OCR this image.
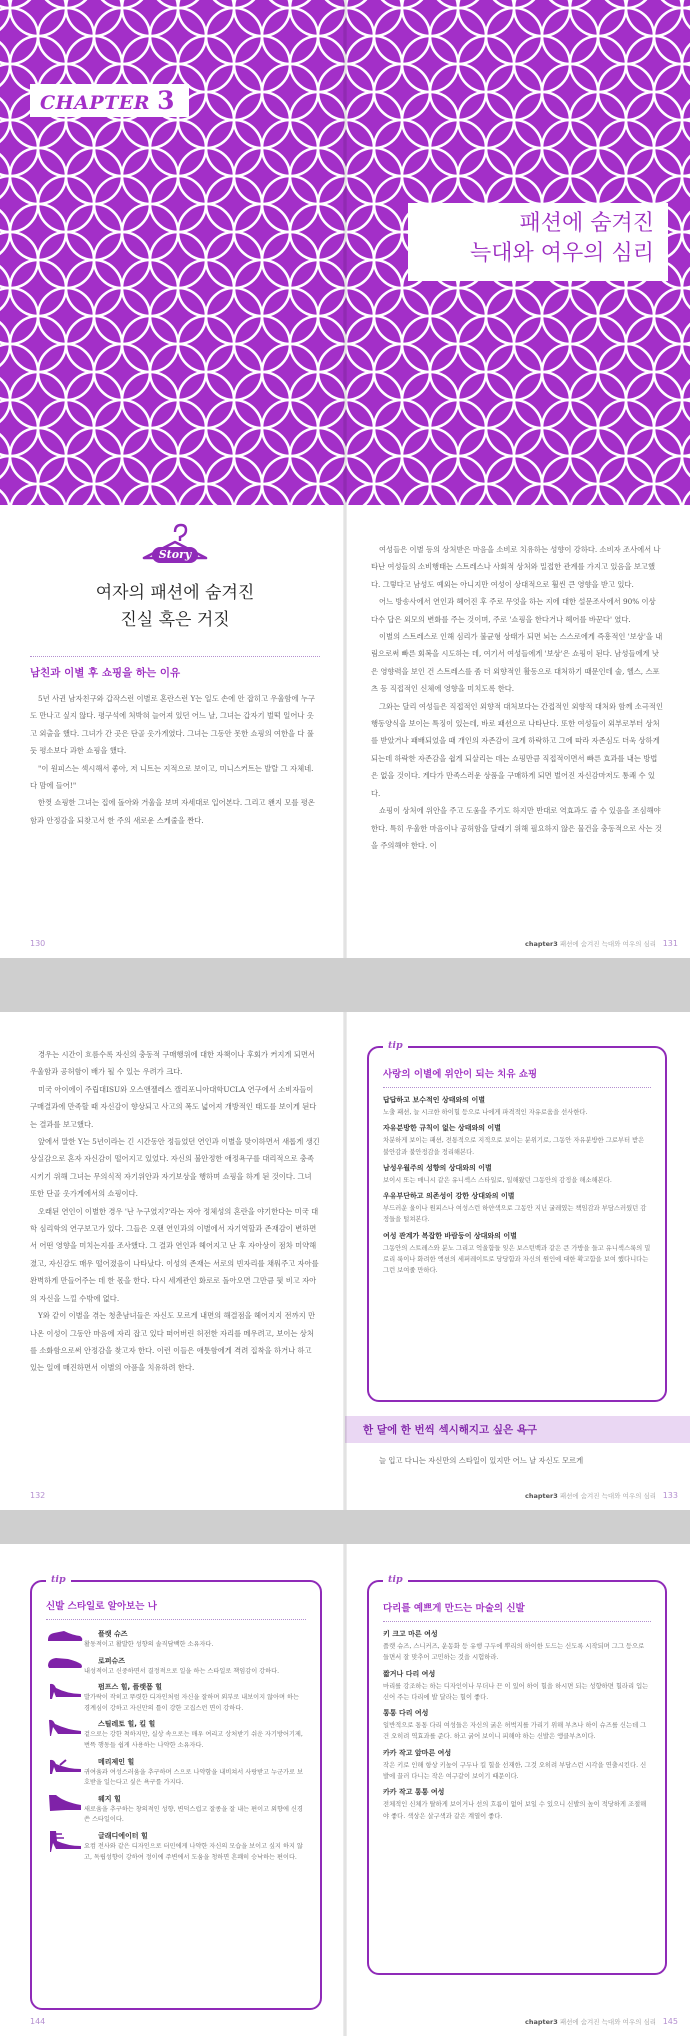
Story
여자의 패션에 숨겨진
진실 혹은 거짓
남친과 이별 후 쇼핑을 하는 이유

5년 사귄 남자친구와 갑작스런 이별로 혼란스런 Y는 일도 손에 안 잡히고 우울함에 누구도 만나고 싶지 않다. 평구석에 처박혀 늘어져 있던 어느 날, 그녀는 갑자기 벌떡 일어나 옷고 외출을 했다. 그녀가 간 곳은 단골 옷가게였다. 그녀는 그동안 못한 쇼핑의 여한을 다 풀 듯 평소보다 과한 쇼핑을 했다.

"이 원피스는 섹시해서 좋아, 저 니트는 지적으로 보이고, 미니스커트는 발랄 그 자체네. 다 맘에 들어!"

한껏 쇼핑한 그녀는 집에 돌아와 거울을 보며 자세대로 입어본다. 그리고 왠지 모를 평온함과 안정감을 되찾고서 한 주의 새로운 스케줄을 짠다.

130

여성들은 이별 등의 상처받은 마음을 소비로 치유하는 성향이 강하다. 소비자 조사에서 나타난 여성들의 소비행태는 스트레스나 사회적 상처와 밀접한 관계를 가지고 있음을 보고했다. 그렇다고 남성도 예외는 아니지만 여성이 상대적으로 훨씬 큰 영향을 받고 있다.

어느 방송사에서 연인과 헤어진 후 주로 무엇을 하는 지에 대한 설문조사에서 90% 이상 다수 답은 외모의 변화를 주는 것이며, 주로 '쇼핑을 한다거나 헤어를 바꾼다' 였다.

이별의 스트레스로 인해 심리가 불균형 상태가 되면 뇌는 스스로에게 즉흥적인 '보상'을 내림으로써 빠른 회복을 시도하는 데, 여기서 여성들에게 '보상'은 쇼핑이 된다. 남성들에게 낫은 영향력을 보인 건 스트레스를 좀 더 외향적인 활동으로 대처하기 때문인데 술, 헬스, 스포츠 등 직접적인 신체에 영향을 미치도록 한다.

그와는 달리 여성들은 직접적인 외향적 대처보다는 간접적인 외향적 대처와 함께 소극적인 행동양식을 보이는 특징이 있는데, 바로 패션으로 나타난다. 또한 여성들이 외부로부터 상처를 받았거나 패배되었을 때 개인의 자존감이 크게 하락하고 그에 따라 자존심도 더욱 상하게 되는데 하락한 자존감을 쉽게 되살리는 데는 쇼핑만큼 직접적이면서 빠른 효과를 내는 방법은 없을 것이다. 게다가 만족스러운 상품을 구매하게 되면 벌어진 자신감마저도 통쾌 수 있다.

쇼핑이 상처에 위안을 주고 도움을 주기도 하지만 반대로 역효과도 줄 수 있음을 조심해야 한다. 특히 우울한 마음이나 공허함을 달래기 위해 필요하지 않은 물건을 충동적으로 사는 것을 주의해야 한다. 이

chapter3 패션에 숨겨진 늑대와 여우의 심리 131
CHAPTER 3
패션에 숨겨진
늑대와 여우의 심리

경우는 시간이 흐름수록 자신의 충동적 구매행위에 대한 자책이나 후회가 커지게 되면서 우울함과 공허함이 배가 될 수 있는 우려가 크다.

미국 아이에이 주립대ISU와 오스앤젤레스 캘리포니아대학UCLA 연구에서 소비자들이 구매결과에 만족할 때 자신감이 향상되고 사고의 폭도 넓어져 개방적인 태도를 보이게 된다는 결과를 보고했다.

앞에서 말한 Y는 5년이라는 긴 시간동안 정들었던 연인과 이별을 맞이하면서 새롭게 생긴 상실감으로 혼자 자신감이 떨어지고 있었다. 자신의 불안정한 애정욕구를 대리적으로 충족시키기 위해 그녀는 무의식적 자기위안과 자기보상을 행하며 쇼핑을 하게 된 것이다. 그녀 또한 단골 옷가게에서의 쇼핑이다.

오래된 연인이 이별한 경우 '난 누구였지?'라는 자아 정체성의 혼란을 야기한다는 미국 대학 심리학의 연구보고가 있다. 그들은 오랜 연인과의 이별에서 자기역할과 존재감이 변하면서 어떤 영향을 미치는지를 조사했다. 그 결과 연인과 헤어지고 난 후 자아상이 점차 미약해졌고, 자신감도 매우 떨어졌음이 나타났다. 이성의 존재는 서로의 빈자리를 채워주고 자아를 완벽하게 만들어주는 데 한 몫을 한다. 다시 세계관인 화로로 돌아오면 그만큼 뒷 비고 자아의 자신을 느낄 수밖에 없다.

Y와 같이 이별을 겪는 청춘남녀들은 자신도 모르게 내면의 해결점을 헤어지지 전까지 만나온 이성이 그동안 마음에 자리 잡고 있다 떠어버린 허전한 자리를 메우려고, 보이는 상처를 소화함으로써 안정감을 찾고자 한다. 이런 이들은 애틋함에게 격려 집착을 하거나 하고 있는 일에 매진하면서 이별의 아픔을 치유하려 한다.

132
tip
사랑의 이별에 위안이 되는 치유 쇼핑
답답하고 보수적인 상태와의 이별

노출 패션, 늘 시크한 하이힐 등으로 나에게 파격적인 자유로움을 선사한다.

자유분방한 규칙이 없는 상태와의 이별

차분하게 보이는 패션, 전통적으로 지적으로 보이는 분위기로, 그동안 자유분방한 그로부터 받은 불안감과 불안정감을 정리해본다.

남성우월주의 성향의 상대와의 이별

보이시 또는 매니시 같은 유니섹스 스타일로, 일해왔던 그동안의 감정을 해소해본다.

우유부단하고 의존성이 강한 상대와의 이별

부드러운 울이나 원피스나 여성스런 하얀색으로 그동안 지닌 굴레였는 책임감과 부담스러웠던 감정들을 털쳐본다.

여성 관계가 복잡한 바람둥이 상대와의 이별

그동안의 스트레스와 분노 그리고 억울함들 잊은 보스턴백과 같은 큰 가방을 들고 유니섹스룩의 밀로리 룩이나 화려한 액션의 세퍼레이트로 당당함과 자신의 원인에 대한 확고함을 보여 했다니다는 그런 보여줄 만하다.

한 달에 한 번씩 섹시해지고 싶은 욕구

늘 입고 다니는 자신만의 스타일이 있지만 어느 날 자신도 모르게

chapter3 패션에 숨겨진 늑대와 여우의 심리 133
tip
신발 스타일로 알아보는 나
플랫 슈즈

활동적이고 활발한 성향의 솔직담백한 소유자다.

로퍼슈즈

내성적이고 신중하면서 결정적으로 일을 하는 스타일로 책임감이 강하다.

펌프스 힐, 플랫폼 힐

발가락이 작히고 뚜렷한 디자인처럼 자신을 잘하며 외부로 내보이지 않아며 하는 경계심이 강하고 자신만의 틀이 강한 고집스런 면이 강하다.

스틸레토 힐, 킬 힐

겉으로는 강한 척하지만, 실상 속으로는 매우 여리고 상처받기 쉬운 자기방어기제, 번뜩 행동들 쉽게 사용하는 나약한 소유자다.

메리제인 힐

귀여움과 여성스러움을 추구하며 스으로 나약함을 내비쳐서 사랑받고 누군가로 보호받을 일는다고 싶은 욕구를 가지다.

웨지 힐

새로움을 추구하는 창의적인 성향, 변덕스럽고 잘종을 잘 내는 편이고 외향에 신경쓴 스타일이다.

글래디에이터 힐

요컴 전사와 같은 디자인으로 터민에게 나약한 자신의 모습을 보이고 싶지 하지 않고, 독립성향이 강하여 정이에 주변에서 도움을 청하면 흔쾌히 승낙하는 편이다.

144
tip
다리를 예쁘게 만드는 마술의 신발
키 크고 마른 여성

플랫 슈즈, 스니커즈, 운동화 등 유행 구두에 뿌리의 하이한 도드는 신도록 시작되며 그그 등으로 들면서 잘 맞추어 고민하는 것을 시험하라.

짧거나 다리 여성

마리를 강조하는 하는 디자인이나 무더나 끈 이 있어 하이 힐을 하시면 되는 성향하면 힐라리 입는 신어 주는 다리에 발 달라는 힐이 좋다.

통통 다리 여성

일반적으로 통통 다리 여성들은 자신의 굵은 허벅지를 가리기 위해 부츠나 하이 슈즈를 신는데 그건 오히려 역효과를 준다. 하고 굵어 보이니 피해야 하는 신발은 앵클부츠이다.

카카 작고 앞마른 여성

작은 키로 인해 항상 키높이 구두나 킬 힐을 선재한, 그것 오히려 부담스런 시각을 연출시킨다. 신발에 끌러 다니는 작은 여구같이 보이기 때문이다.

카카 작고 통통 여성

전체적인 신체가 탈하게 보이거나 선의 흐름이 없어 보일 수 있으니 신발의 높이 적당하게 조절해야 좋다. 색상은 살구색과 같은 계열이 좋다.

chapter3 패션에 숨겨진 늑대와 여우의 심리 145
